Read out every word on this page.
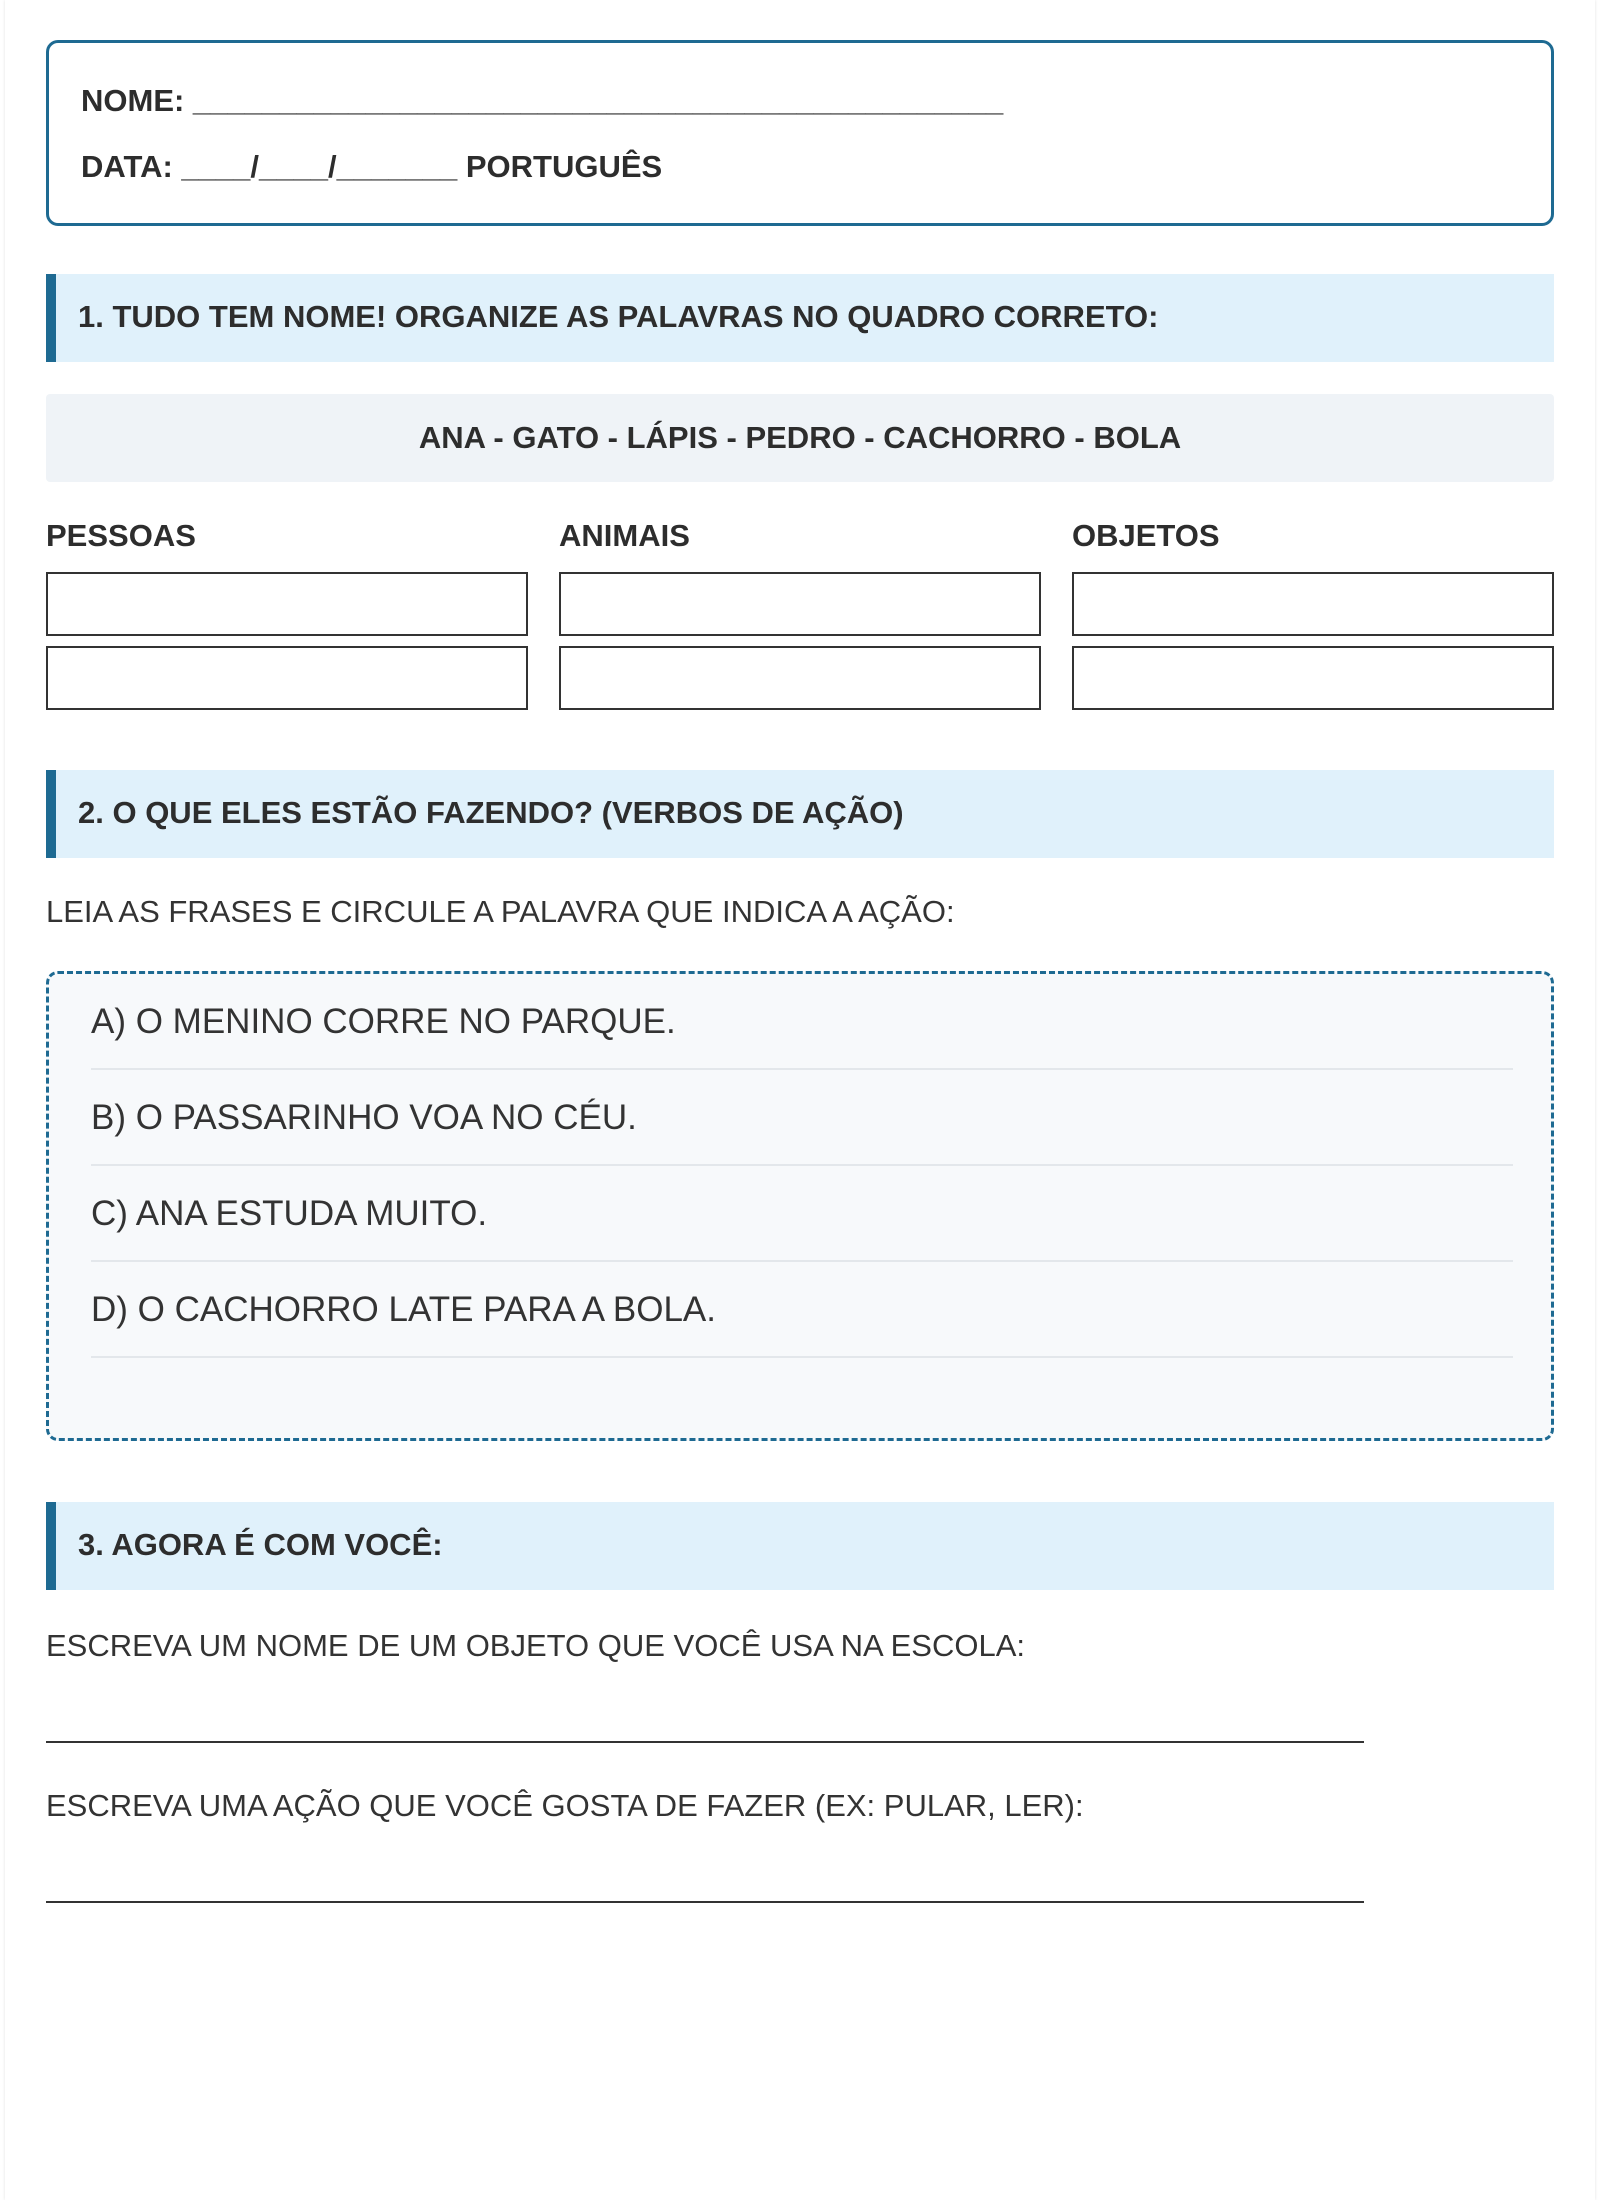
NOME: _______________________________________________
DATA: ____/____/_______ PORTUGUÊS
1. TUDO TEM NOME! ORGANIZE AS PALAVRAS NO QUADRO CORRETO:
ANA - GATO - LÁPIS - PEDRO - CACHORRO - BOLA
PESSOAS	ANIMAIS	OBJETOS
2. O QUE ELES ESTÃO FAZENDO? (VERBOS DE AÇÃO)
LEIA AS FRASES E CIRCULE A PALAVRA QUE INDICA A AÇÃO:
A) O MENINO CORRE NO PARQUE.
B) O PASSARINHO VOA NO CÉU.
C) ANA ESTUDA MUITO.
D) O CACHORRO LATE PARA A BOLA.
3. AGORA É COM VOCÊ:
ESCREVA UM NOME DE UM OBJETO QUE VOCÊ USA NA ESCOLA:
ESCREVA UMA AÇÃO QUE VOCÊ GOSTA DE FAZER (EX: PULAR, LER):
